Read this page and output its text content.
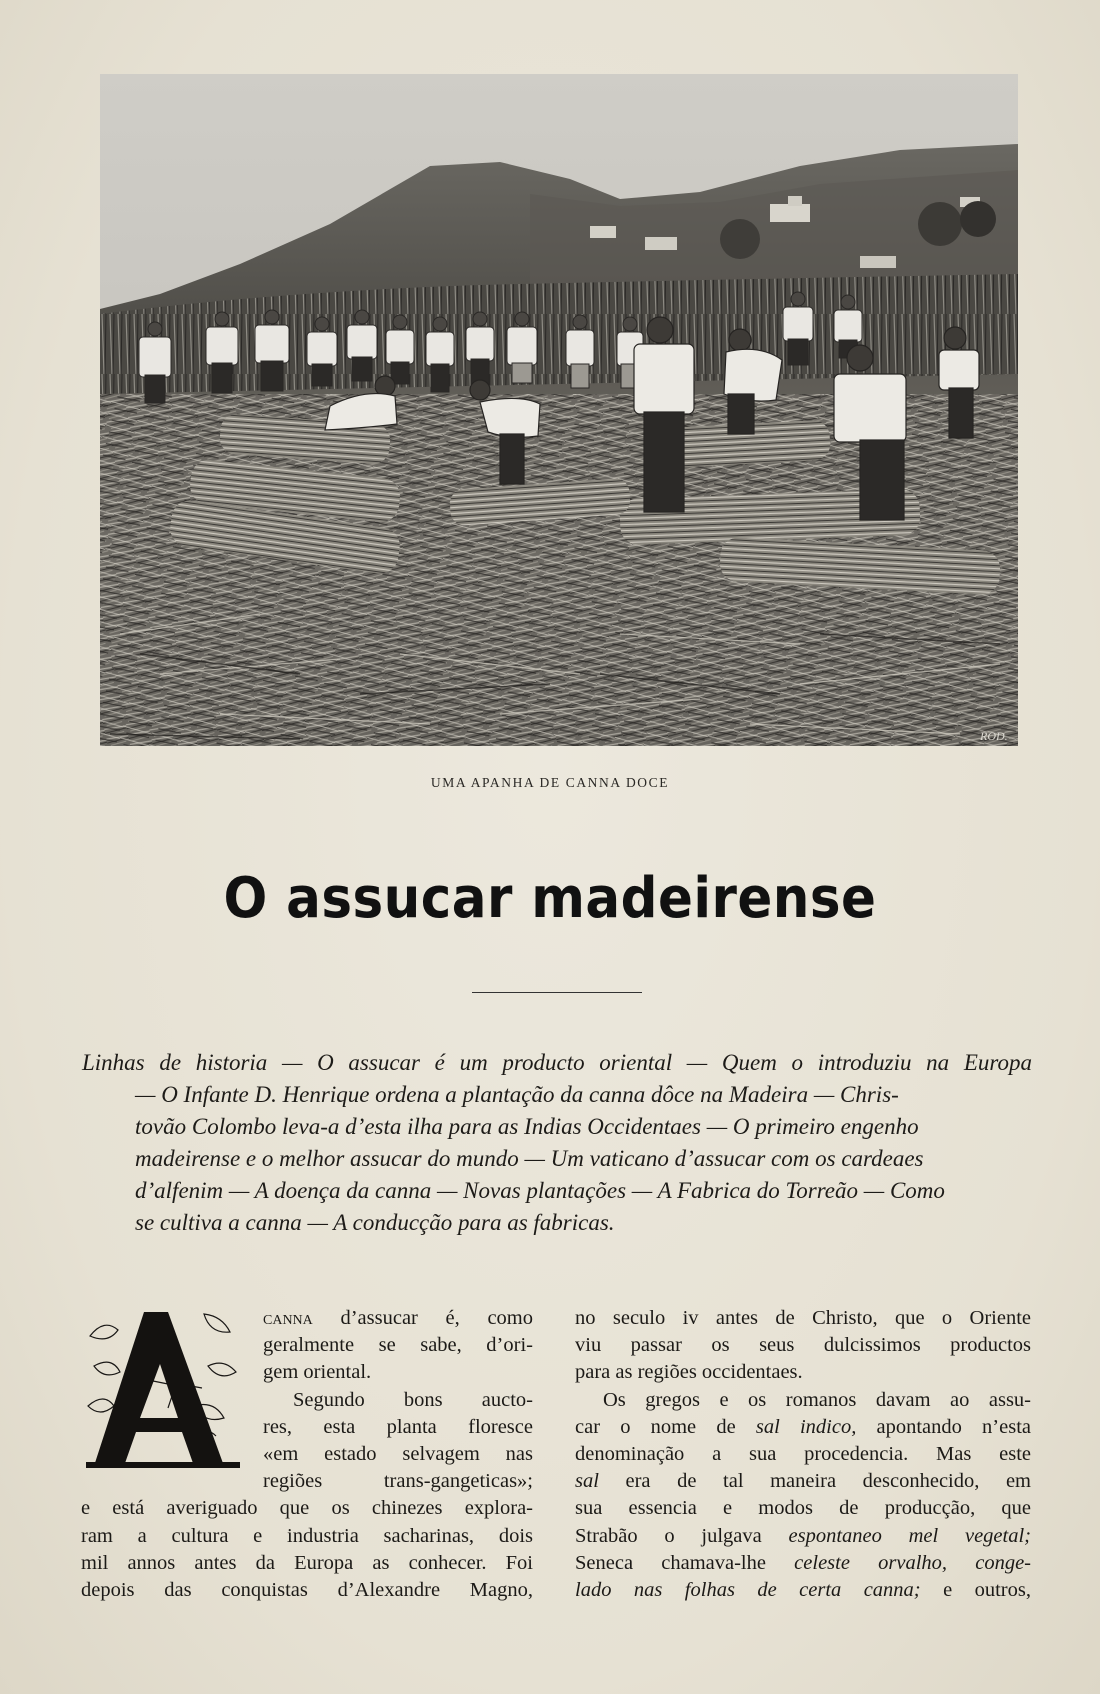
ROD.
UMA APANHA DE CANNA DOCE
O assucar madeirense
Linhas de historia — O assucar é um producto oriental — Quem o introduziu na Europa
— O Infante D. Henrique ordena a plantação da canna dôce na Madeira — Chris-
tovão Colombo leva-a d’esta ilha para as Indias Occidentaes — O primeiro engenho
madeirense e o melhor assucar do mundo — Um vaticano d’assucar com os cardeaes
d’alfenim — A doença da canna — Novas plantações — A Fabrica do Torreão — Como
se cultiva a canna — A conducção para as fabricas.
A
canna d’assucar é, como
geralmente se sabe, d’ori-
gem oriental.
Segundo bons aucto-
res, esta planta floresce
«em estado selvagem nas
regiões trans-gangeticas»;
e está averiguado que os chinezes explora-
ram a cultura e industria sacharinas, dois
mil annos antes da Europa as conhecer. Foi
depois das conquistas d’Alexandre Magno,
no seculo iv antes de Christo, que o Oriente
viu passar os seus dulcissimos productos
para as regiões occidentaes.
Os gregos e os romanos davam ao assu-
car o nome de sal indico, apontando n’esta
denominação a sua procedencia. Mas este
sal era de tal maneira desconhecido, em
sua essencia e modos de producção, que
Strabão o julgava espontaneo mel vegetal;
Seneca chamava-lhe celeste orvalho, conge-
lado nas folhas de certa canna; e outros,
